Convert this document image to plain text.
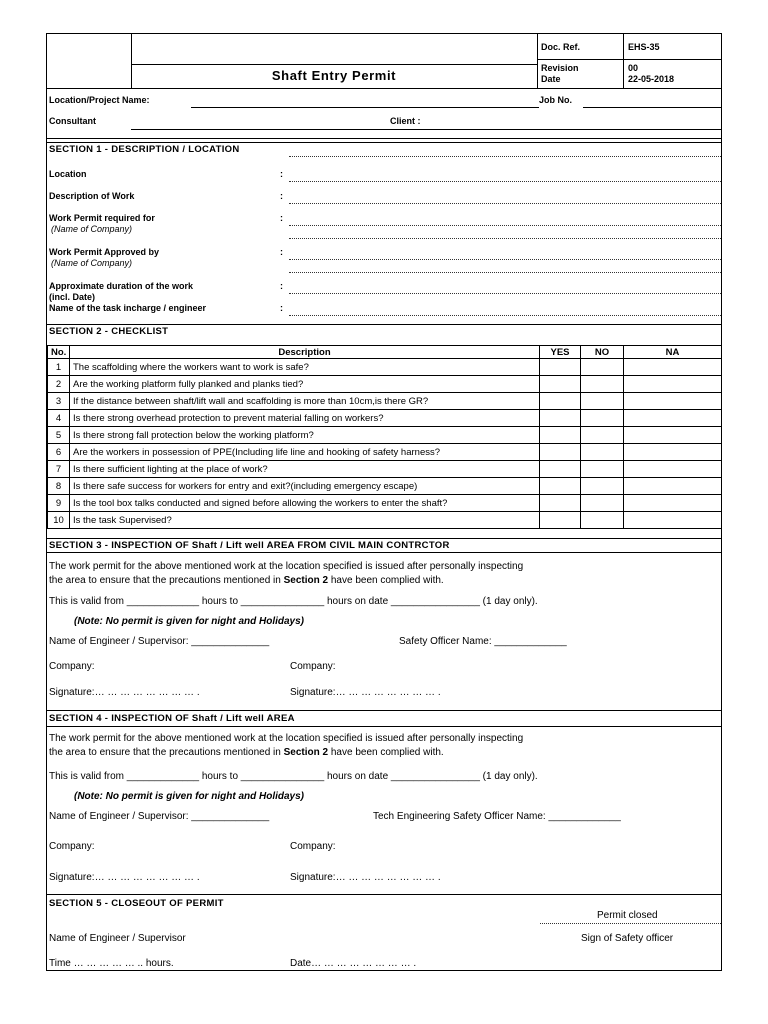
Shaft Entry Permit
Doc. Ref.	EHS-35
Revision	00
Date	22-05-2018
Location/Project Name:	Job No.
Consultant	Client :
SECTION 1 - DESCRIPTION / LOCATION
Location	:
Description of Work	:
Work Permit required for
(Name of Company)
:
Work Permit Approved by
(Name of Company)
:
Approximate duration of the work
(incl. Date)
:
Name of the task incharge / engineer	:
SECTION 2 - CHECKLIST
No.	Description	YES	NO	NA
1	The scaffolding where the workers want to work is safe?			
2	Are the working platform fully planked and planks tied?			
3	If the distance between shaft/lift wall and scaffolding is more than 10cm,is there GR?			
4	Is there strong overhead protection to prevent material falling on workers?			
5	Is there strong fall protection below the working platform?			
6	Are the workers in possession of PPE(Including life line and hooking of safety harness?			
7	Is there sufficient lighting at the place of work?			
8	Is there safe success for workers for entry and exit?(including emergency escape)			
9	Is the tool box talks conducted and signed before allowing the workers to enter the shaft?			
10	Is the task Supervised?			
SECTION 3 - INSPECTION OF Shaft / Lift well AREA FROM CIVIL MAIN CONTRCTOR
The work permit for the above mentioned work at the location specified is issued after personally inspecting
the area to ensure that the precautions mentioned in Section 2 have been complied with.
This is valid from _____________ hours to _______________ hours on date ________________ (1 day only).
(Note: No permit is given for night and Holidays)
Name of Engineer / Supervisor: ______________	Safety Officer Name: _____________
Company:	Company:
Signature:… … … … … … … … .	Signature:… … … … … … … … .
SECTION 4 - INSPECTION OF Shaft / Lift well AREA
The work permit for the above mentioned work at the location specified is issued after personally inspecting
the area to ensure that the precautions mentioned in Section 2 have been complied with.
This is valid from _____________ hours to _______________ hours on date ________________ (1 day only).
(Note: No permit is given for night and Holidays)
Name of Engineer / Supervisor: ______________	Tech Engineering Safety Officer Name: _____________
Company:	Company:
Signature:… … … … … … … … .	Signature:… … … … … … … … .
SECTION 5 - CLOSEOUT OF PERMIT
Permit closed
Name of Engineer / Supervisor	Sign of Safety officer
Time … … … … … .. hours.	Date… … … … … … … … .
